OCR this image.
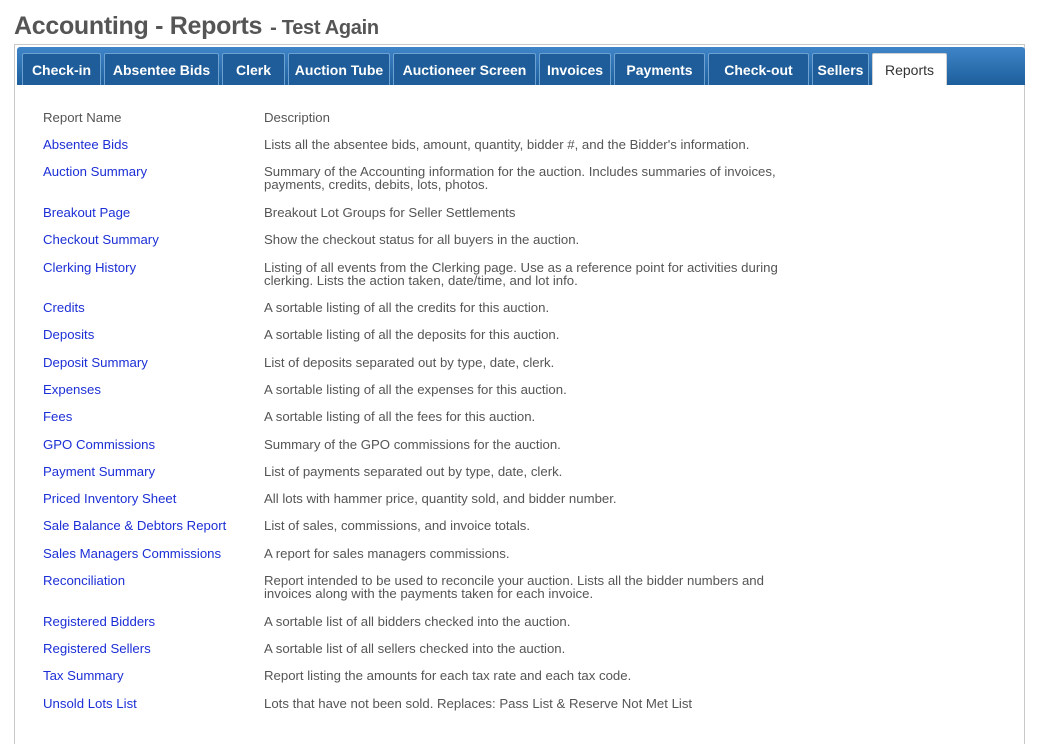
Accounting - Reports - Test Again
Check-in	Absentee Bids	Clerk	Auction Tube	Auctioneer Screen	Invoices	Payments	Check-out	Sellers	Reports
Report Name	Description
Absentee Bids	Lists all the absentee bids, amount, quantity, bidder #, and the Bidder's information.
Auction Summary	Summary of the Accounting information for the auction. Includes summaries of invoices, payments, credits, debits, lots, photos.
Breakout Page	Breakout Lot Groups for Seller Settlements
Checkout Summary	Show the checkout status for all buyers in the auction.
Clerking History	Listing of all events from the Clerking page. Use as a reference point for activities during clerking. Lists the action taken, date/time, and lot info.
Credits	A sortable listing of all the credits for this auction.
Deposits	A sortable listing of all the deposits for this auction.
Deposit Summary	List of deposits separated out by type, date, clerk.
Expenses	A sortable listing of all the expenses for this auction.
Fees	A sortable listing of all the fees for this auction.
GPO Commissions	Summary of the GPO commissions for the auction.
Payment Summary	List of payments separated out by type, date, clerk.
Priced Inventory Sheet	All lots with hammer price, quantity sold, and bidder number.
Sale Balance & Debtors Report	List of sales, commissions, and invoice totals.
Sales Managers Commissions	A report for sales managers commissions.
Reconciliation	Report intended to be used to reconcile your auction. Lists all the bidder numbers and invoices along with the payments taken for each invoice.
Registered Bidders	A sortable list of all bidders checked into the auction.
Registered Sellers	A sortable list of all sellers checked into the auction.
Tax Summary	Report listing the amounts for each tax rate and each tax code.
Unsold Lots List	Lots that have not been sold. Replaces: Pass List & Reserve Not Met List
